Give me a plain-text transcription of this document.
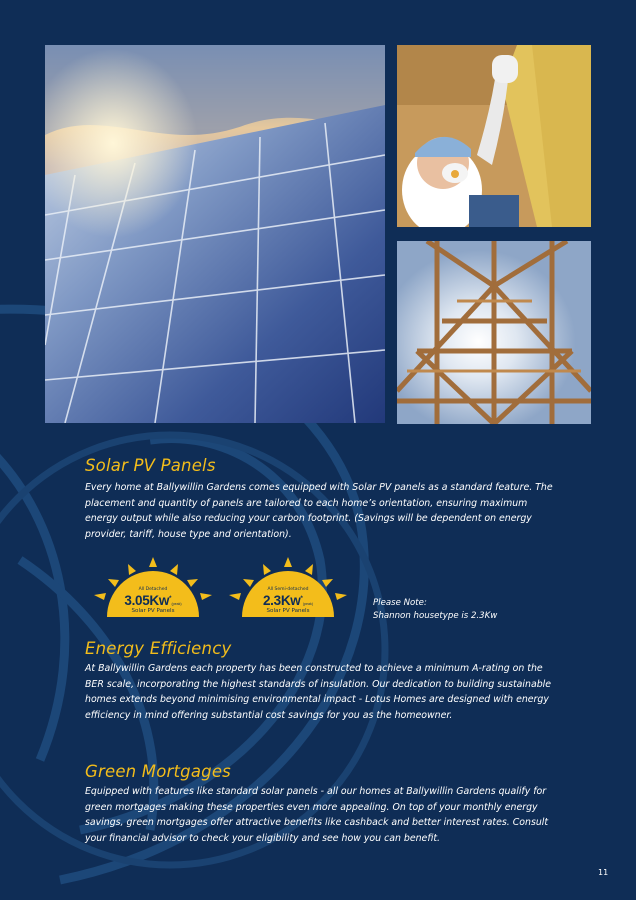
Solar PV Panels

Every home at Ballywillin Gardens comes equipped with Solar PV panels as a standard feature. The placement and quantity of panels are tailored to each home’s orientation, ensuring maximum energy output while also reducing your carbon footprint. (Savings will be dependent on energy provider, tariff, house type and orientation).

All Detached
3.05Kw*(peak)
Solar PV Panels
All Semi-detached
2.3Kw*(peak)
Solar PV Panels

Please Note:
Shannon housetype is 2.3Kw

Energy Efficiency

At Ballywillin Gardens each property has been constructed to achieve a minimum A-rating on the BER scale, incorporating the highest standards of insulation. Our dedication to building sustainable homes extends beyond minimising environmental impact - Lotus Homes are designed with energy efficiency in mind offering substantial cost savings for you as the homeowner.

Green Mortgages

Equipped with features like standard solar panels - all our homes at Ballywillin Gardens qualify for green mortgages making these properties even more appealing. On top of your monthly energy savings, green mortgages offer attractive benefits like cashback and better interest rates. Consult your financial advisor to check your eligibility and see how you can benefit.

11
